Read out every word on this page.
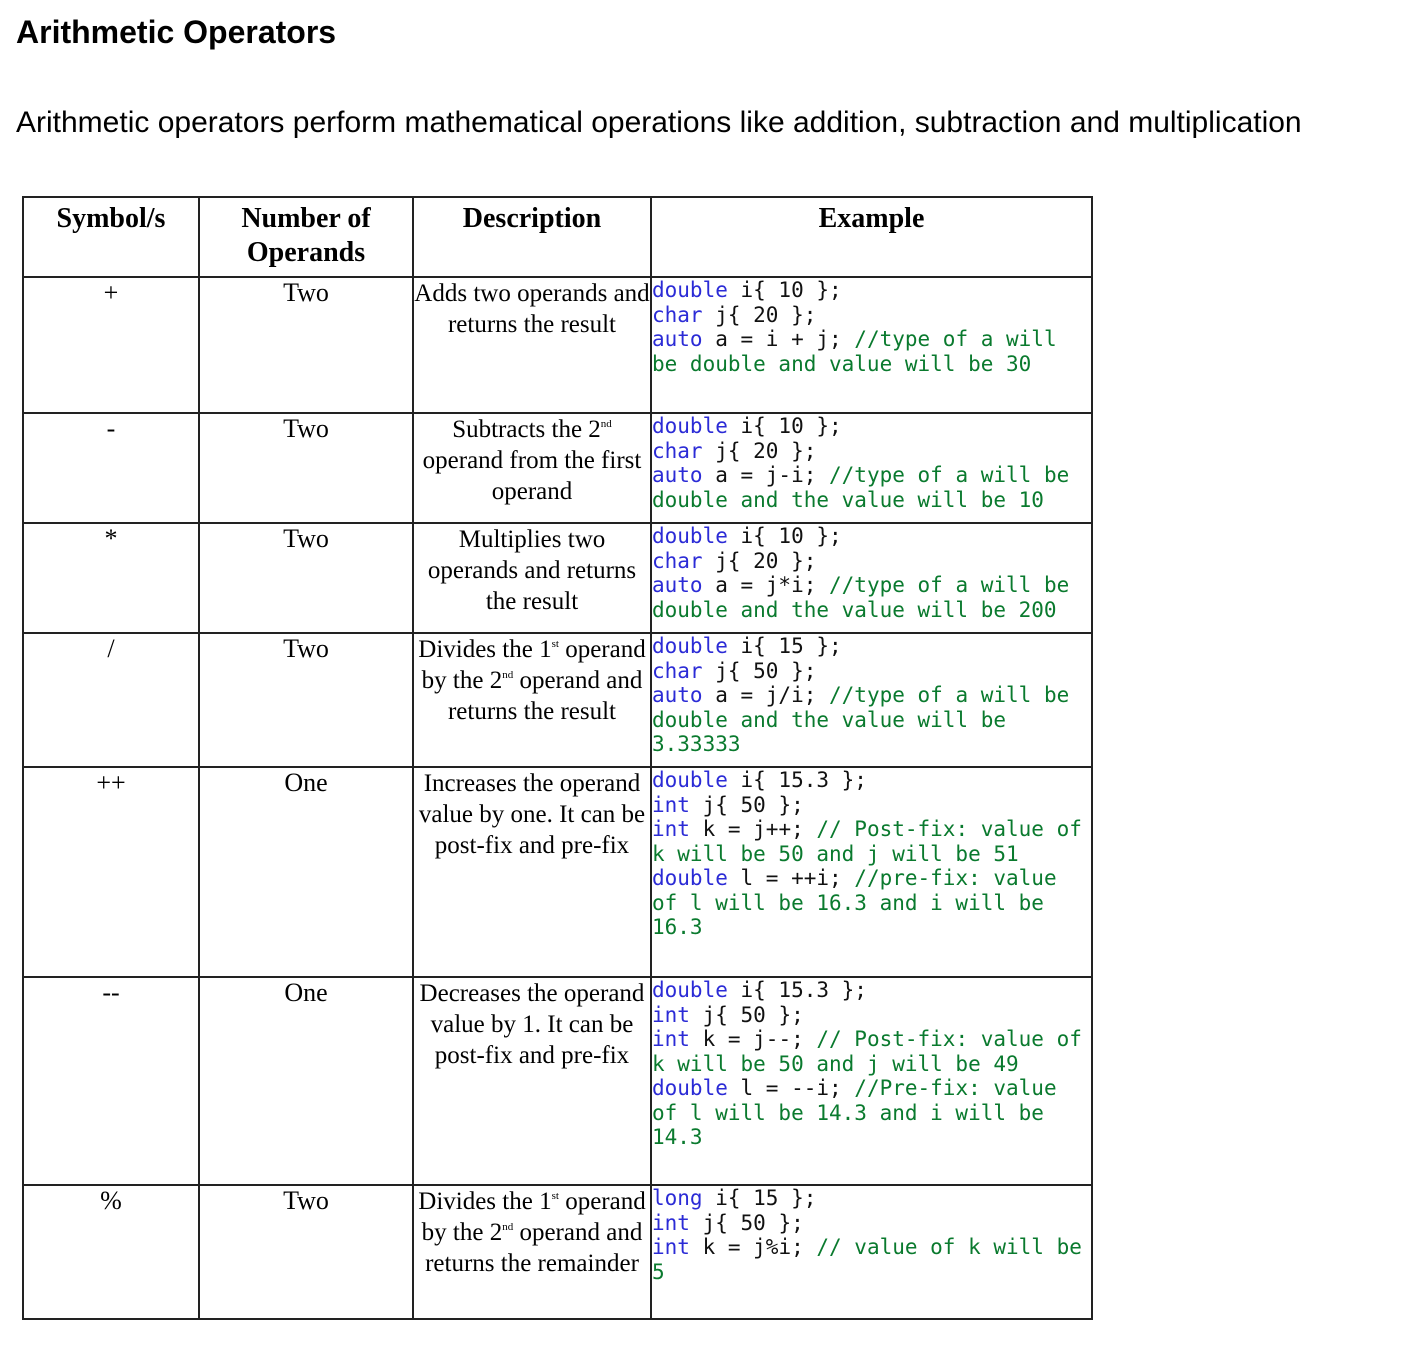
Arithmetic Operators

Arithmetic operators perform mathematical operations like addition, subtraction and multiplication

Symbol/s	Number of Operands	Description	Example
+	Two	Adds two operands and returns the result	double i{ 10 };
char j{ 20 };
auto a = i + j; //type of a will be double and value will be 30
-	Two	Subtracts the 2nd operand from the first operand	double i{ 10 };
char j{ 20 };
auto a = j-i; //type of a will be double and the value will be 10
*	Two	Multiplies two operands and returns the result	double i{ 10 };
char j{ 20 };
auto a = j*i; //type of a will be double and the value will be 200
/	Two	Divides the 1st operand by the 2nd operand and returns the result	double i{ 15 };
char j{ 50 };
auto a = j/i; //type of a will be double and the value will be 3.33333
++	One	Increases the operand value by one. It can be post-fix and pre-fix	double i{ 15.3 };
int j{ 50 };
int k = j++; // Post-fix: value of k will be 50 and j will be 51
double l = ++i; //pre-fix: value of l will be 16.3 and i will be 16.3
--	One	Decreases the operand value by 1. It can be post-fix and pre-fix	double i{ 15.3 };
int j{ 50 };
int k = j--; // Post-fix: value of k will be 50 and j will be 49
double l = --i; //Pre-fix: value of l will be 14.3 and i will be 14.3
%	Two	Divides the 1st operand by the 2nd operand and returns the remainder	long i{ 15 };
int j{ 50 };
int k = j%i; // value of k will be 5
